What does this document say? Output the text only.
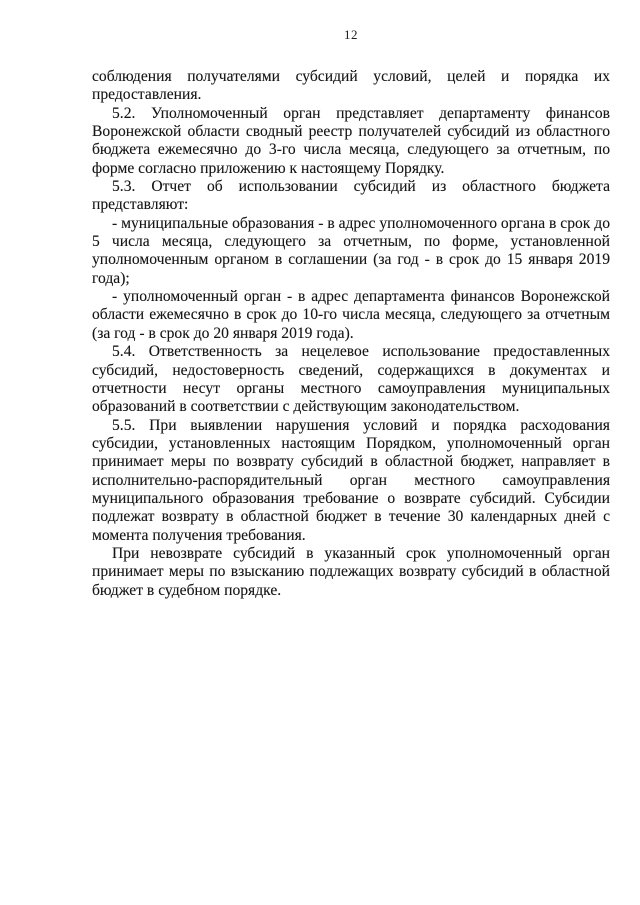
12

соблюдения получателями субсидий условий, целей и порядка их предоставления.

5.2. Уполномоченный орган представляет департаменту финансов Воронежской области сводный реестр получателей субсидий из областного бюджета ежемесячно до 3-го числа месяца, следующего за отчетным, по форме согласно приложению к настоящему Порядку.

5.3. Отчет об использовании субсидий из областного бюджета представляют:

- муниципальные образования - в адрес уполномоченного органа в срок до 5 числа месяца, следующего за отчетным, по форме, установленной уполномоченным органом в соглашении (за год - в срок до 15 января 2019 года);

- уполномоченный орган - в адрес департамента финансов Воронежской области ежемесячно в срок до 10-го числа месяца, следующего за отчетным (за год - в срок до 20 января 2019 года).

5.4. Ответственность за нецелевое использование предоставленных субсидий, недостоверность сведений, содержащихся в документах и отчетности несут органы местного самоуправления муниципальных образований в соответствии с действующим законодательством.

5.5. При выявлении нарушения условий и порядка расходования субсидии, установленных настоящим Порядком, уполномоченный орган принимает меры по возврату субсидий в областной бюджет, направляет в исполнительно-распорядительный орган местного самоуправления муниципального образования требование о возврате субсидий. Субсидии подлежат возврату в областной бюджет в течение 30 календарных дней с момента получения требования.

При невозврате субсидий в указанный срок уполномоченный орган принимает меры по взысканию подлежащих возврату субсидий в областной бюджет в судебном порядке.
